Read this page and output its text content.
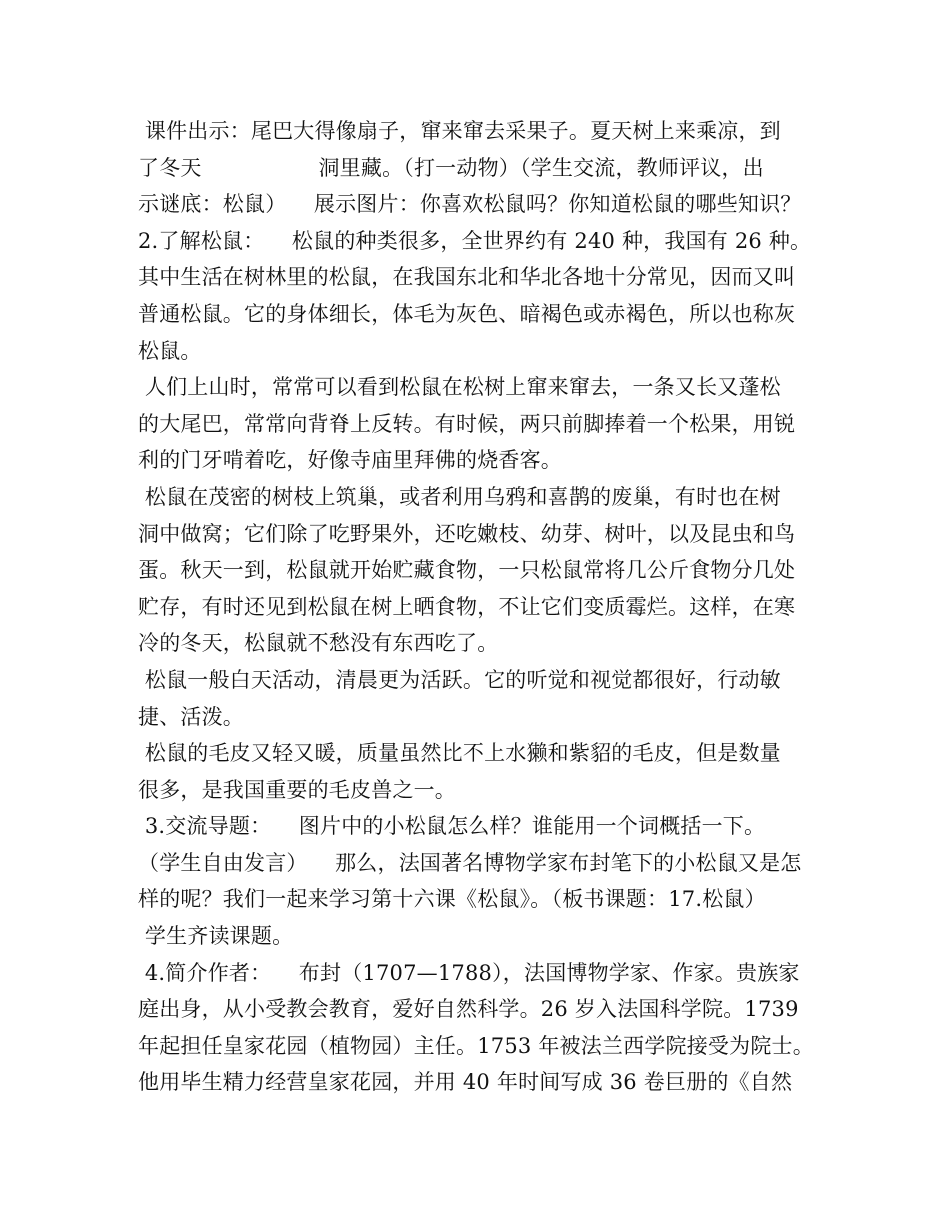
课件出示：尾巴大得像扇子，窜来窜去采果子。夏天树上来乘凉，到
了冬天                 洞里藏。（打一动物）（学生交流，教师评议，出
示谜底：松鼠）    展示图片：你喜欢松鼠吗？你知道松鼠的哪些知识？
2.了解松鼠：    松鼠的种类很多，全世界约有 240 种，我国有 26 种。
其中生活在树林里的松鼠，在我国东北和华北各地十分常见，因而又叫
普通松鼠。它的身体细长，体毛为灰色、暗褐色或赤褐色，所以也称灰
松鼠。
人们上山时，常常可以看到松鼠在松树上窜来窜去，一条又长又蓬松
的大尾巴，常常向背脊上反转。有时候，两只前脚捧着一个松果，用锐
利的门牙啃着吃，好像寺庙里拜佛的烧香客。
松鼠在茂密的树枝上筑巢，或者利用乌鸦和喜鹊的废巢，有时也在树
洞中做窝；它们除了吃野果外，还吃嫩枝、幼芽、树叶，以及昆虫和鸟
蛋。秋天一到，松鼠就开始贮藏食物，一只松鼠常将几公斤食物分几处
贮存，有时还见到松鼠在树上晒食物，不让它们变质霉烂。这样，在寒
冷的冬天，松鼠就不愁没有东西吃了。
松鼠一般白天活动，清晨更为活跃。它的听觉和视觉都很好，行动敏
捷、活泼。
松鼠的毛皮又轻又暖，质量虽然比不上水獭和紫貂的毛皮，但是数量
很多，是我国重要的毛皮兽之一。
3.交流导题：    图片中的小松鼠怎么样？谁能用一个词概括一下。
（学生自由发言）    那么，法国著名博物学家布封笔下的小松鼠又是怎
样的呢？我们一起来学习第十六课《松鼠》。（板书课题：17.松鼠）
学生齐读课题。
4.简介作者：    布封（1707—1788），法国博物学家、作家。贵族家
庭出身，从小受教会教育，爱好自然科学。26 岁入法国科学院。1739
年起担任皇家花园（植物园）主任。1753 年被法兰西学院接受为院士。
他用毕生精力经营皇家花园，并用 40 年时间写成 36 卷巨册的《自然
